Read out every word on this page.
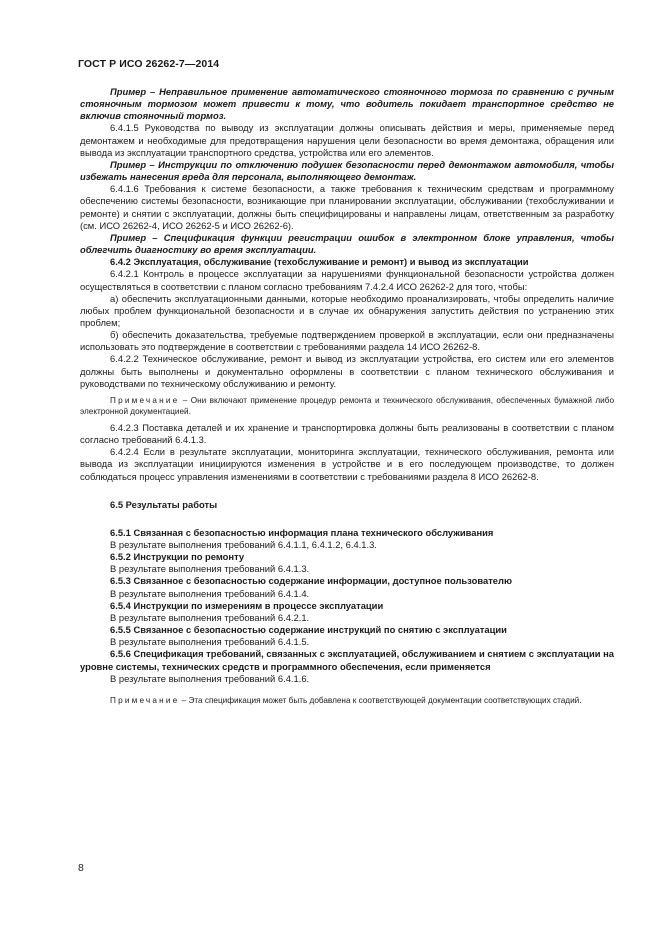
ГОСТ Р ИСО 26262-7—2014

Пример – Неправильное применение автоматического стояночного тормоза по сравнению с ручным стояночным тормозом может привести к тому, что водитель покидает транспортное средство не включив стояночный тормоз.

6.4.1.5 Руководства по выводу из эксплуатации должны описывать действия и меры, применяемые перед демонтажем и необходимые для предотвращения нарушения цели безопасности во время демонтажа, обращения или вывода из эксплуатации транспортного средства, устройства или его элементов.

Пример – Инструкции по отключению подушек безопасности перед демонтажом автомобиля, чтобы избежать нанесения вреда для персонала, выполняющего демонтаж.

6.4.1.6 Требования к системе безопасности, а также требования к техническим средствам и программному обеспечению системы безопасности, возникающие при планировании эксплуатации, обслуживании (техобслуживании и ремонте) и снятии с эксплуатации, должны быть специфицированы и направлены лицам, ответственным за разработку (см. ИСО 26262-4, ИСО 26262-5 и ИСО 26262-6).

Пример – Спецификация функции регистрации ошибок в электронном блоке управления, чтобы облегчить диагностику во время эксплуатации.

6.4.2 Эксплуатация, обслуживание (техобслуживание и ремонт) и вывод из эксплуатации

6.4.2.1 Контроль в процессе эксплуатации за нарушениями функциональной безопасности устройства должен осуществляться в соответствии с планом согласно требованиям 7.4.2.4 ИСО 26262-2 для того, чтобы:

а) обеспечить эксплуатационными данными, которые необходимо проанализировать, чтобы определить наличие любых проблем функциональной безопасности и в случае их обнаружения запустить действия по устранению этих проблем;

б) обеспечить доказательства, требуемые подтверждением проверкой в эксплуатации, если они предназначены использовать это подтверждение в соответствии с требованиями раздела 14 ИСО 26262-8.

6.4.2.2 Техническое обслуживание, ремонт и вывод из эксплуатации устройства, его систем или его элементов должны быть выполнены и документально оформлены в соответствии с планом технического обслуживания и руководствами по техническому обслуживанию и ремонту.

Примечание – Они включают применение процедур ремонта и технического обслуживания, обеспеченных бумажной либо электронной документацией.

6.4.2.3 Поставка деталей и их хранение и транспортировка должны быть реализованы в соответствии с планом согласно требований 6.4.1.3.

6.4.2.4 Если в результате эксплуатации, мониторинга эксплуатации, технического обслуживания, ремонта или вывода из эксплуатации инициируются изменения в устройстве и в его последующем производстве, то должен соблюдаться процесс управления изменениями в соответствии с требованиями раздела 8 ИСО 26262-8.

6.5 Результаты работы

6.5.1 Связанная с безопасностью информация плана технического обслуживания

В результате выполнения требований 6.4.1.1, 6.4.1.2, 6.4.1.3.

6.5.2 Инструкции по ремонту

В результате выполнения требований 6.4.1.3.

6.5.3 Связанное с безопасностью содержание информации, доступное пользователю

В результате выполнения требований 6.4.1.4.

6.5.4 Инструкции по измерениям в процессе эксплуатации

В результате выполнения требований 6.4.2.1.

6.5.5 Связанное с безопасностью содержание инструкций по снятию с эксплуатации

В результате выполнения требований 6.4.1.5.

6.5.6 Спецификация требований, связанных с эксплуатацией, обслуживанием и снятием с эксплуатации на уровне системы, технических средств и программного обеспечения, если применяется

В результате выполнения требований 6.4.1.6.

Примечание – Эта спецификация может быть добавлена к соответствующей документации соответствующих стадий.

8
